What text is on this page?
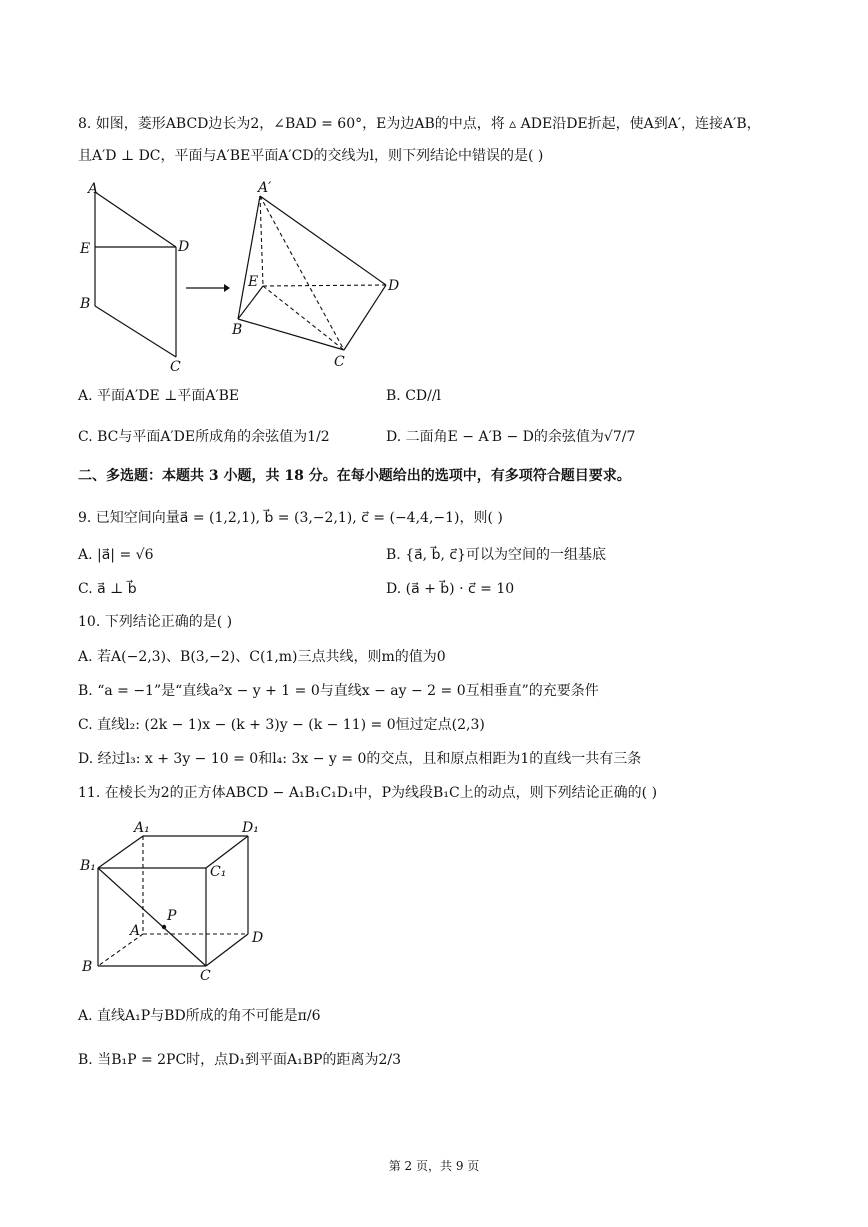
8. 如图，菱形ABCD边长为2，∠BAD = 60°，E为边AB的中点，将 ▵ ADE沿DE折起，使A到A′，连接A′B，
且A′D ⊥ DC，平面与A′BE平面A′CD的交线为l，则下列结论中错误的是( )
A
E	D
B
C
A′
E	D
B
C
A. 平面A′DE ⊥平面A′BE	B. CD//l
C. BC与平面A′DE所成角的余弦值为1/2	D. 二面角E − A′B − D的余弦值为√7/7
二、多选题：本题共 3 小题，共 18 分。在每小题给出的选项中，有多项符合题目要求。
9. 已知空间向量a⃗ = (1,2,1), b⃗ = (3,−2,1), c⃗ = (−4,4,−1)，则( )
A. |a⃗| = √6	B. {a⃗, b⃗, c⃗}可以为空间的一组基底
C. a⃗ ⊥ b⃗	D. (a⃗ + b⃗) · c⃗ = 10
10. 下列结论正确的是( )
A. 若A(−2,3)、B(3,−2)、C(1,m)三点共线，则m的值为0
B. “a = −1”是“直线a²x − y + 1 = 0与直线x − ay − 2 = 0互相垂直”的充要条件
C. 直线l₂: (2k − 1)x − (k + 3)y − (k − 11) = 0恒过定点(2,3)
D. 经过l₃: x + 3y − 10 = 0和l₄: 3x − y = 0的交点，且和原点相距为1的直线一共有三条
11. 在棱长为2的正方体ABCD − A₁B₁C₁D₁中，P为线段B₁C上的动点，则下列结论正确的( )
A₁	D₁
B₁	C₁
P
A	D
B
C
A. 直线A₁P与BD所成的角不可能是π/6
B. 当B₁P = 2PC时，点D₁到平面A₁BP的距离为2/3
第 2 页，共 9 页
